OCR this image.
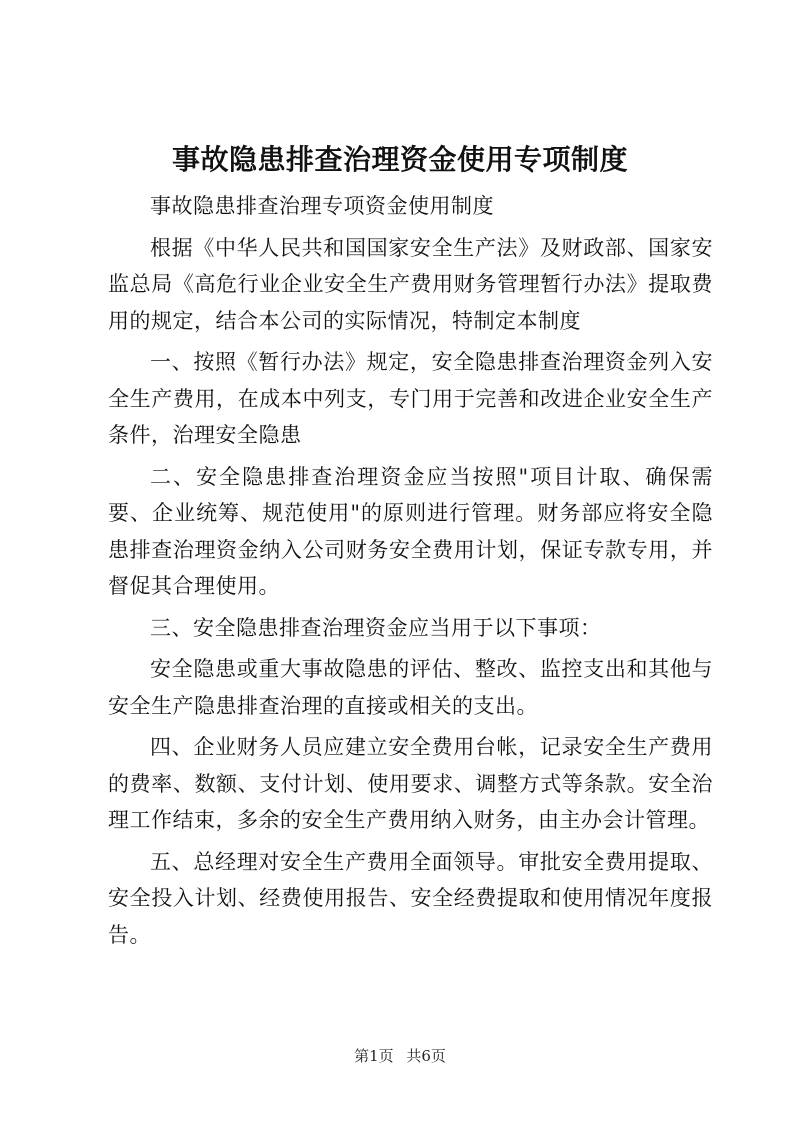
事故隐患排查治理资金使用专项制度

事故隐患排查治理专项资金使用制度

根据《中华人民共和国国家安全生产法》及财政部、国家安监总局《高危行业企业安全生产费用财务管理暂行办法》提取费用的规定，结合本公司的实际情况，特制定本制度

一、按照《暂行办法》规定，安全隐患排查治理资金列入安全生产费用，在成本中列支，专门用于完善和改进企业安全生产条件，治理安全隐患

二、安全隐患排查治理资金应当按照"项目计取、确保需要、企业统筹、规范使用"的原则进行管理。财务部应将安全隐患排查治理资金纳入公司财务安全费用计划，保证专款专用，并督促其合理使用。

三、安全隐患排查治理资金应当用于以下事项：

安全隐患或重大事故隐患的评估、整改、监控支出和其他与安全生产隐患排查治理的直接或相关的支出。

四、企业财务人员应建立安全费用台帐，记录安全生产费用的费率、数额、支付计划、使用要求、调整方式等条款。安全治理工作结束，多余的安全生产费用纳入财务，由主办会计管理。

五、总经理对安全生产费用全面领导。审批安全费用提取、安全投入计划、经费使用报告、安全经费提取和使用情况年度报告。

第1页 共6页
